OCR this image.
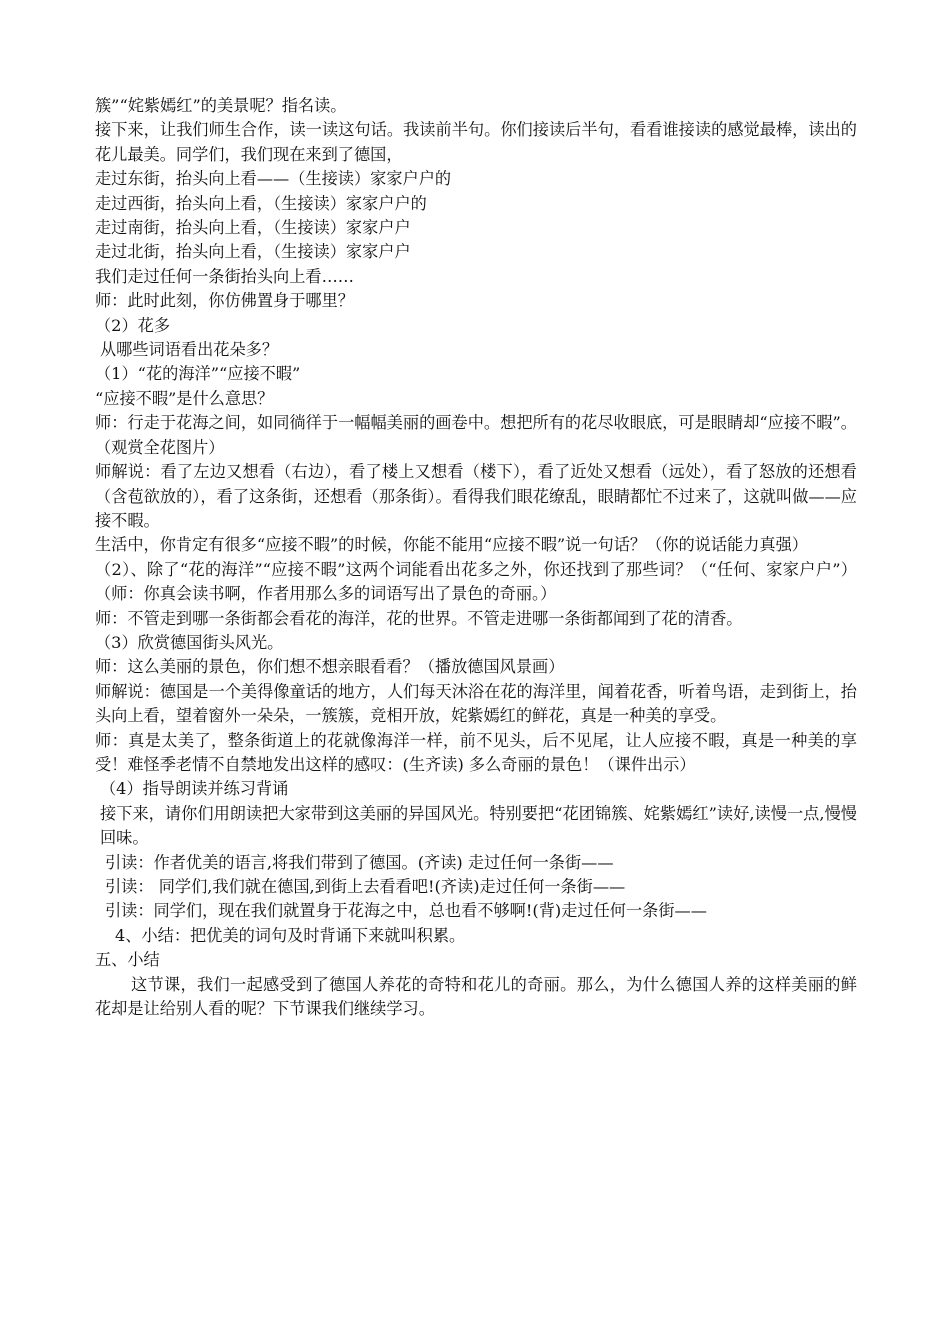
簇”“姹紫嫣红”的美景呢？指名读。

接下来，让我们师生合作，读一读这句话。我读前半句。你们接读后半句，看看谁接读的感觉最棒，读出的花儿最美。同学们，我们现在来到了德国，

走过东街，抬头向上看——（生接读）家家户户的

走过西街，抬头向上看，（生接读）家家户户的

走过南街，抬头向上看，（生接读）家家户户

走过北街，抬头向上看，（生接读）家家户户

我们走过任何一条街抬头向上看……

师：此时此刻，你仿佛置身于哪里？

（2）花多

从哪些词语看出花朵多？

（1）“花的海洋”“应接不暇”

“应接不暇”是什么意思？

师：行走于花海之间，如同徜徉于一幅幅美丽的画卷中。想把所有的花尽收眼底，可是眼睛却“应接不暇”。（观赏全花图片）

师解说：看了左边又想看（右边），看了楼上又想看（楼下），看了近处又想看（远处），看了怒放的还想看（含苞欲放的），看了这条街，还想看（那条街）。看得我们眼花缭乱，眼睛都忙不过来了，这就叫做——应接不暇。

生活中，你肯定有很多“应接不暇”的时候，你能不能用“应接不暇”说一句话？（你的说话能力真强）

（2）、除了“花的海洋”“应接不暇”这两个词能看出花多之外，你还找到了那些词？（“任何、家家户户”）（师：你真会读书啊，作者用那么多的词语写出了景色的奇丽。）

师：不管走到哪一条街都会看花的海洋，花的世界。不管走进哪一条街都闻到了花的清香。

（3）欣赏德国街头风光。

师：这么美丽的景色，你们想不想亲眼看看？（播放德国风景画）

师解说：德国是一个美得像童话的地方，人们每天沐浴在花的海洋里，闻着花香，听着鸟语，走到街上，抬头向上看，望着窗外一朵朵，一簇簇，竞相开放，姹紫嫣红的鲜花，真是一种美的享受。

师：真是太美了，整条街道上的花就像海洋一样，前不见头，后不见尾，让人应接不暇，真是一种美的享受！难怪季老情不自禁地发出这样的感叹：(生齐读) 多么奇丽的景色！（课件出示）

（4）指导朗读并练习背诵

接下来，请你们用朗读把大家带到这美丽的异国风光。特别要把“花团锦簇、姹紫嫣红”读好,读慢一点,慢慢回味。

引读：作者优美的语言,将我们带到了德国。(齐读) 走过任何一条街——

引读： 同学们,我们就在德国,到街上去看看吧!(齐读)走过任何一条街——

引读：同学们，现在我们就置身于花海之中，总也看不够啊!(背)走过任何一条街——

4、小结：把优美的词句及时背诵下来就叫积累。

五、小结

这节课，我们一起感受到了德国人养花的奇特和花儿的奇丽。那么，为什么德国人养的这样美丽的鲜花却是让给别人看的呢？下节课我们继续学习。
